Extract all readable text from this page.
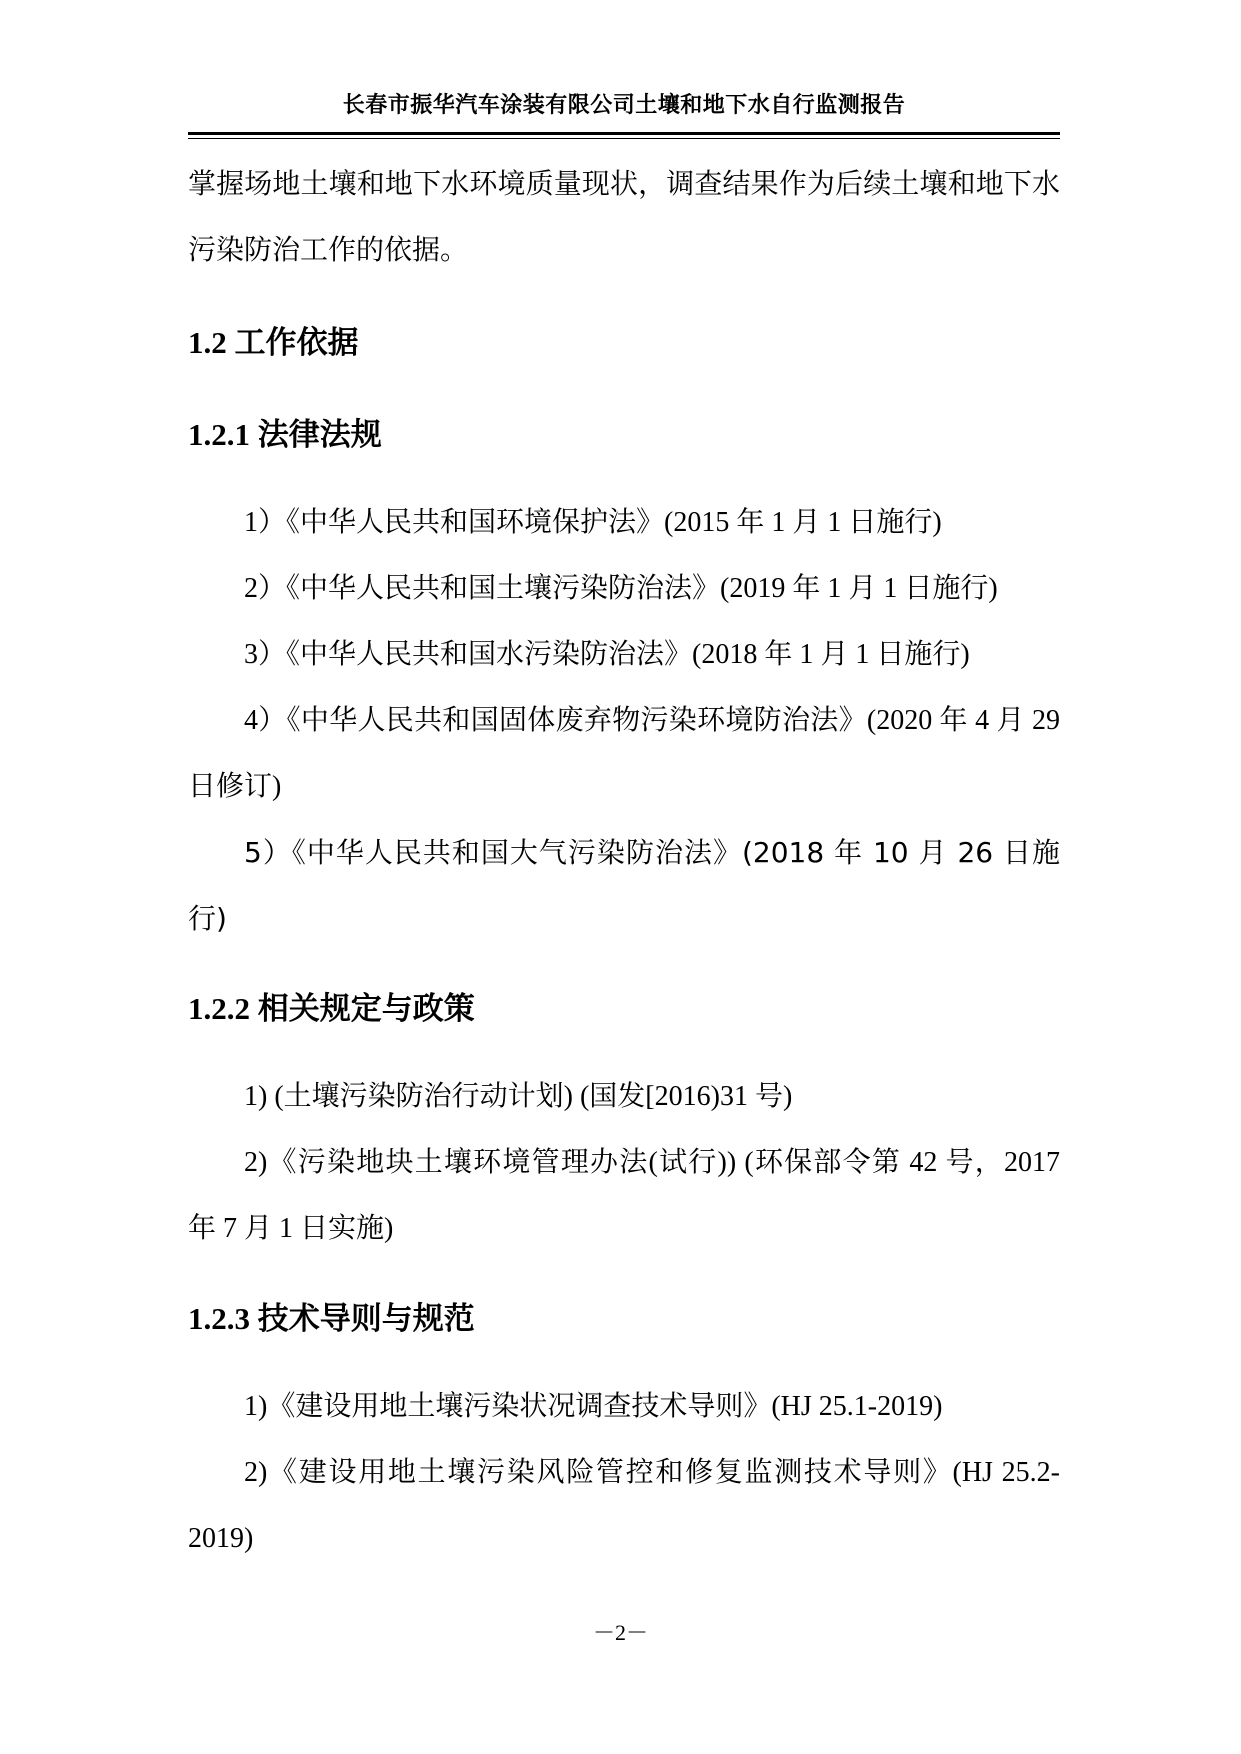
长春市振华汽车涂装有限公司土壤和地下水自行监测报告

掌握场地土壤和地下水环境质量现状，调查结果作为后续土壤和地下水污染防治工作的依据。

1.2 工作依据
1.2.1 法律法规

1）《中华人民共和国环境保护法》(2015 年 1 月 1 日施行)

2）《中华人民共和国土壤污染防治法》(2019 年 1 月 1 日施行)

3）《中华人民共和国水污染防治法》(2018 年 1 月 1 日施行)

4）《中华人民共和国固体废弃物污染环境防治法》(2020 年 4 月 29 日修订)

5）《中华人民共和国大气污染防治法》(2018 年 10 月 26 日施行)

1.2.2 相关规定与政策

1) (土壤污染防治行动计划) (国发[2016)31 号)

2)《污染地块土壤环境管理办法(试行)) (环保部令第 42 号，2017 年 7 月 1 日实施)

1.2.3 技术导则与规范

1)《建设用地土壤污染状况调查技术导则》(HJ 25.1-2019)

2)《建设用地土壤污染风险管控和修复监测技术导则》(HJ 25.2-2019)

－2－
